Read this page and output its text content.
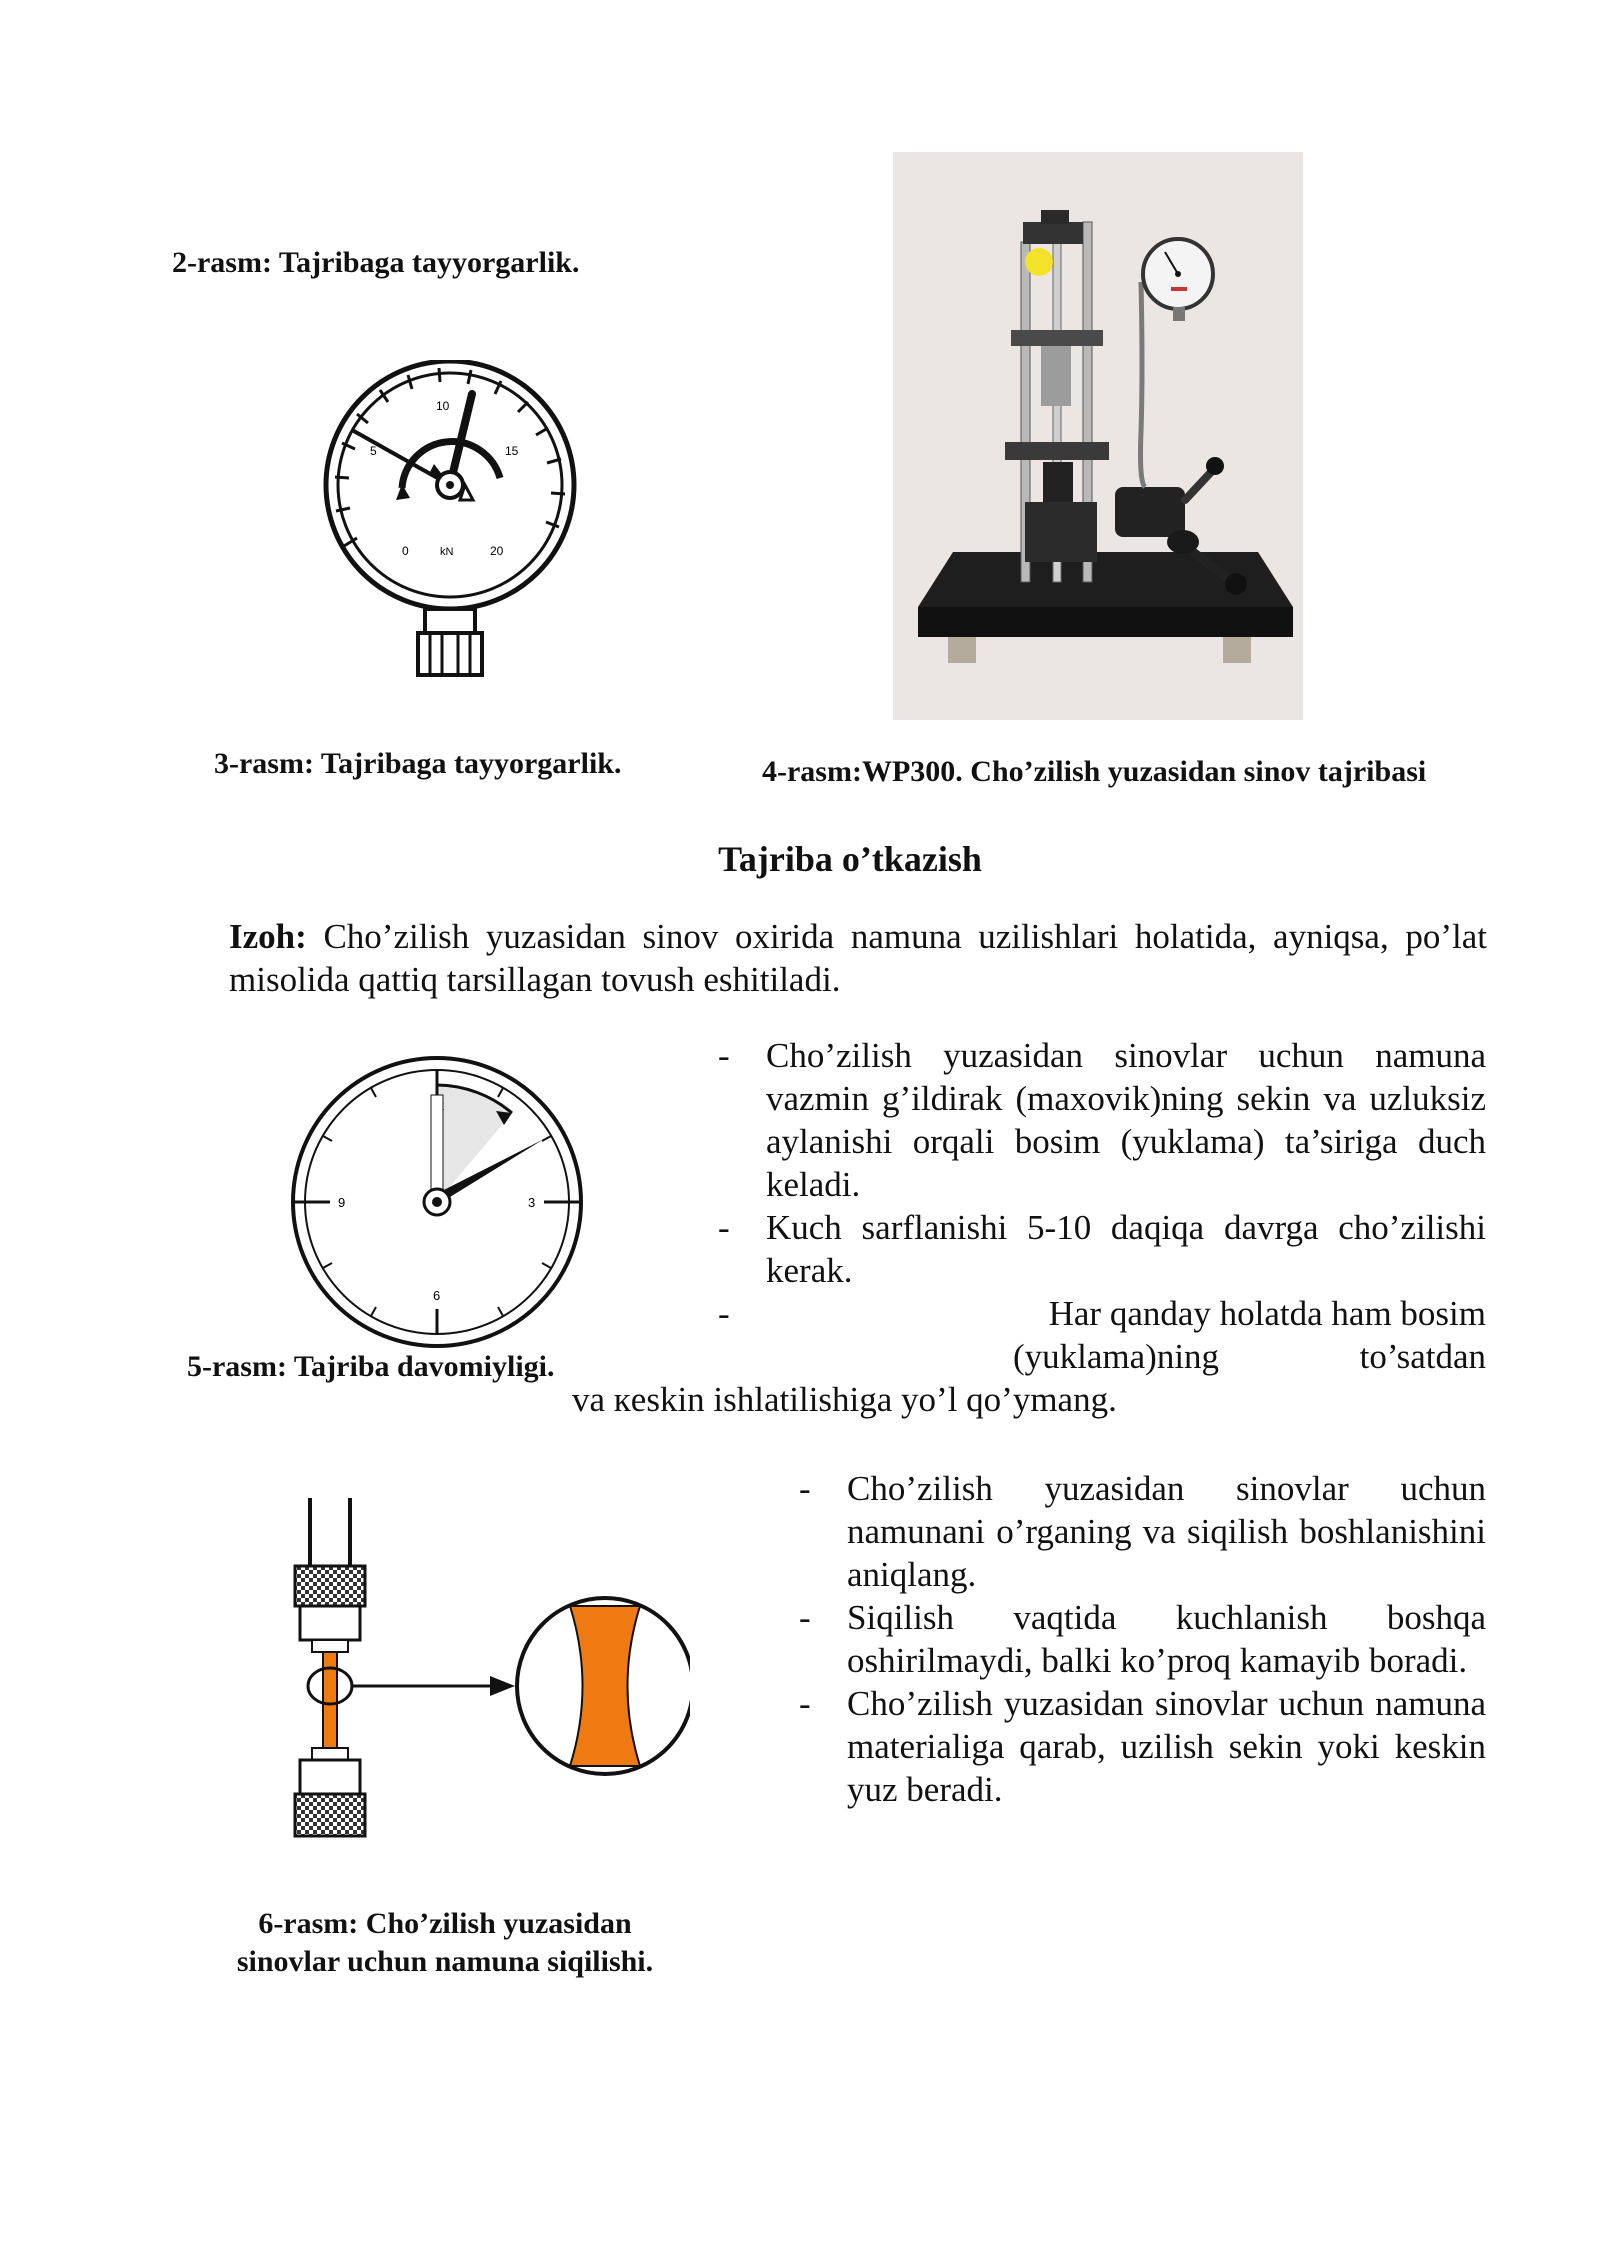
2-rasm: Tajribaga tayyorgarlik.
0
5
10
15
kN	20
3-rasm: Tajribaga tayyorgarlik.	4-rasm:WP300. Cho’zilish yuzasidan sinov tajribasi
Tajriba o’tkazish
Izoh: Cho’zilish yuzasidan sinov oxirida namuna uzilishlari holatida, ayniqsa, po’lat misolida qattiq tarsillagan tovush eshitiladi.
9	3
6
- Cho’zilish yuzasidan sinovlar uchun namuna vazmin g’ildirak (maxovik)ning sekin va uzluksiz aylanishi orqali bosim (yuklama) ta’siriga duch keladi.
- Kuch sarflanishi 5-10 daqiqa davrga cho’zilishi kerak.
-	Har qanday holatda ham bosim
(yuklama)ning	to’satdan
va кeskin ishlatilishiga yo’l qo’ymang.
5-rasm: Tajriba davomiyligi.
- Cho’zilish yuzasidan sinovlar uchun namunani o’rganing va siqilish boshlanishini aniqlang.
- Siqilish vaqtida kuchlanish boshqa oshirilmaydi, balki ko’proq kamayib boradi.
- Cho’zilish yuzasidan sinovlar uchun namuna materialiga qarab, uzilish sekin yoki keskin yuz beradi.
6-rasm: Cho’zilish yuzasidan sinovlar uchun namuna siqilishi.
